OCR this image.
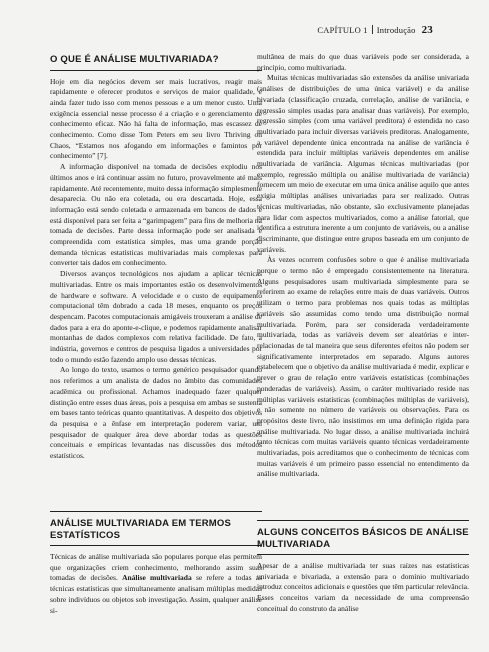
CAPÍTULO 1 Introdução 23
O QUE É ANÁLISE MULTIVARIADA?

Hoje em dia negócios devem ser mais lucrativos, reagir mais rapidamente e oferecer produtos e serviços de maior qualidade, e ainda fazer tudo isso com menos pessoas e a um menor custo. Uma exigência essencial nesse processo é a criação e o gerenciamento de conhecimento eficaz. Não há falta de informação, mas escassez de conhecimento. Como disse Tom Peters em seu livro Thriving on Chaos, “Estamos nos afogando em informações e famintos por conhecimento” [7].

A informação disponível na tomada de decisões explodiu nos últimos anos e irá continuar assim no futuro, provavelmente até mais rapidamente. Até recentemente, muito dessa informação simplesmente desaparecia. Ou não era coletada, ou era descartada. Hoje, essa informação está sendo coletada e armazenada em bancos de dados e está disponível para ser feita a “garimpagem” para fins de melhoria na tomada de decisões. Parte dessa informação pode ser analisada e compreendida com estatística simples, mas uma grande porção demanda técnicas estatísticas multivariadas mais complexas para converter tais dados em conhecimento.

Diversos avanços tecnológicos nos ajudam a aplicar técnicas multivariadas. Entre os mais importantes estão os desenvolvimentos de hardware e software. A velocidade e o custo de equipamento computacional têm dobrado a cada 18 meses, enquanto os preços despencam. Pacotes computacionais amigáveis trouxeram a análise de dados para a era do aponte-e-clique, e podemos rapidamente analisar montanhas de dados complexos com relativa facilidade. De fato, a indústria, governos e centros de pesquisa ligados a universidades por todo o mundo estão fazendo amplo uso dessas técnicas.

Ao longo do texto, usamos o termo genérico pesquisador quando nos referimos a um analista de dados no âmbito das comunidades acadêmica ou profissional. Achamos inadequado fazer qualquer distinção entre esses duas áreas, pois a pesquisa em ambas se sustenta em bases tanto teóricas quanto quantitativas. A despeito dos objetivos da pesquisa e a ênfase em interpretação poderem variar, um pesquisador de qualquer área deve abordar todas as questões conceituais e empíricas levantadas nas discussões dos métodos estatísticos.

ANÁLISE MULTIVARIADA EM TERMOS ESTATÍSTICOS

Técnicas de análise multivariada são populares porque elas permitem que organizações criem conhecimento, melhorando assim suas tomadas de decisões. Análise multivariada se refere a todas as técnicas estatísticas que simultaneamente analisam múltiplas medidas sobre indivíduos ou objetos sob investigação. Assim, qualquer análise si-

multânea de mais do que duas variáveis pode ser considerada, a princípio, como multivariada.

Muitas técnicas multivariadas são extensões da análise univariada (análises de distribuições de uma única variável) e da análise bivariada (classificação cruzada, correlação, análise de variância, e regressão simples usadas para analisar duas variáveis). Por exemplo, regressão simples (com uma variável preditora) é estendida no caso multivariado para incluir diversas variáveis preditoras. Analogamente, a variável dependente única encontrada na análise de variância é estendida para incluir múltiplas variáveis dependentes em análise multivariada de variância. Algumas técnicas multivariadas (por exemplo, regressão múltipla ou análise multivariada de variância) fornecem um meio de executar em uma única análise aquilo que antes exigia múltiplas análises univariadas para ser realizado. Outras técnicas multivariadas, não obstante, são exclusivamente planejadas para lidar com aspectos multivariados, como a análise fatorial, que identifica a estrutura inerente a um conjunto de variáveis, ou a análise discriminante, que distingue entre grupos baseada em um conjunto de variáveis.

Às vezes ocorrem confusões sobre o que é análise multivariada porque o termo não é empregado consistentemente na literatura. Alguns pesquisadores usam multivariada simplesmente para se referirem ao exame de relações entre mais de duas variáveis. Outros utilizam o termo para problemas nos quais todas as múltiplas variáveis são assumidas como tendo uma distribuição normal multivariada. Porém, para ser considerada verdadeiramente multivariada, todas as variáveis devem ser aleatórias e inter-relacionadas de tal maneira que seus diferentes efeitos não podem ser significativamente interpretados em separado. Alguns autores estabelecem que o objetivo da análise multivariada é medir, explicar e prever o grau de relação entre variáveis estatísticas (combinações ponderadas de variáveis). Assim, o caráter multivariado reside nas múltiplas variáveis estatísticas (combinações múltiplas de variáveis), e não somente no número de variáveis ou observações. Para os propósitos deste livro, não insistimos em uma definição rígida para análise multivariada. No lugar disso, a análise multivariada incluirá tanto técnicas com muitas variáveis quanto técnicas verdadeiramente multivariadas, pois acreditamos que o conhecimento de técnicas com muitas variáveis é um primeiro passo essencial no entendimento da análise multivariada.

ALGUNS CONCEITOS BÁSICOS DE ANÁLISE MULTIVARIADA

Apesar de a análise multivariada ter suas raízes nas estatísticas univariada e bivariada, a extensão para o domínio multivariado introduz conceitos adicionais e questões que têm particular relevância. Esses conceitos variam da necessidade de uma compreensão conceitual do construto da análise
